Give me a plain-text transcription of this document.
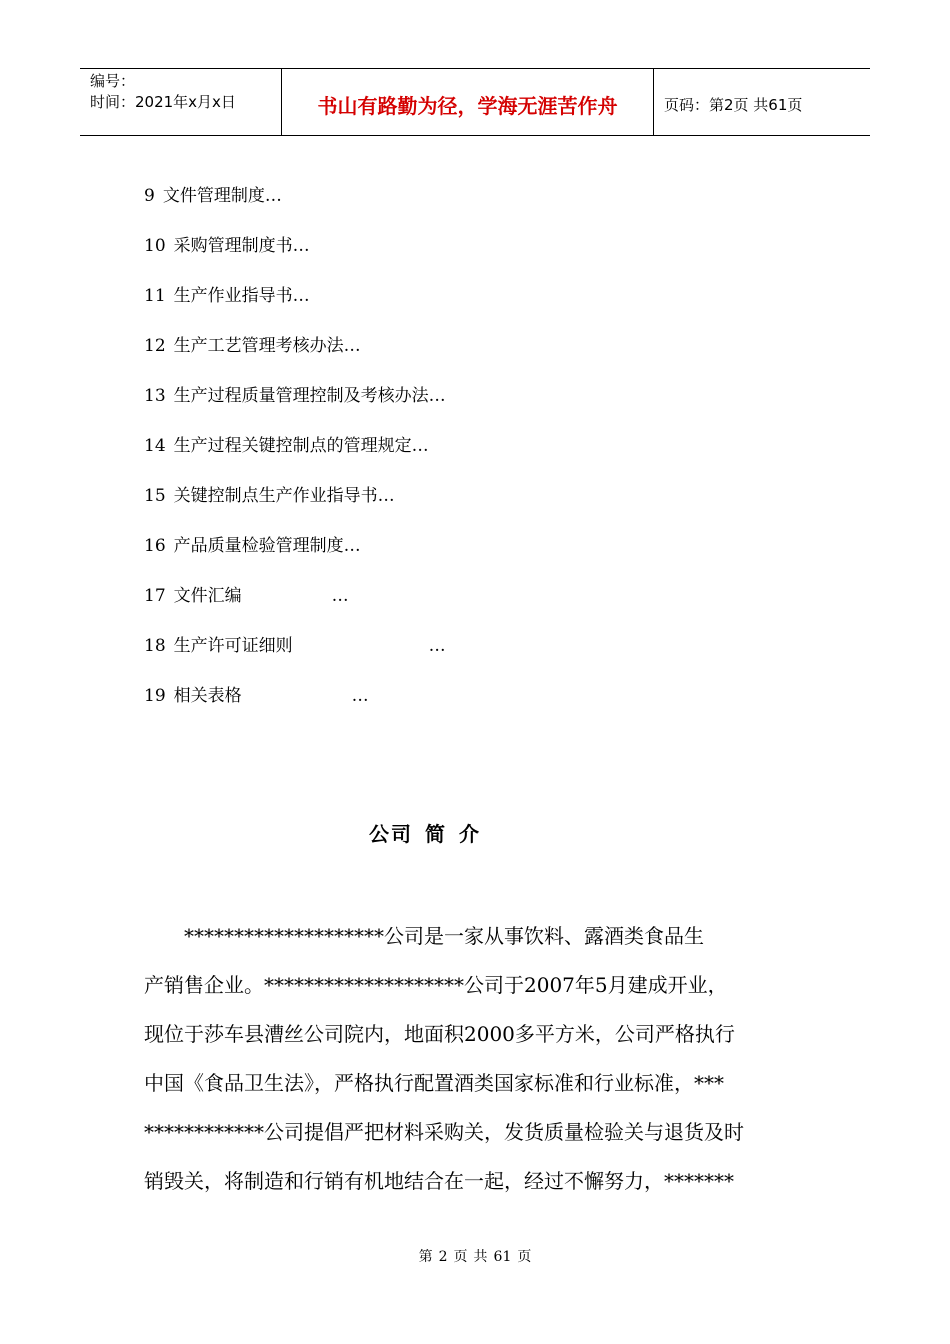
编号：
时间：2021年x月x日	书山有路勤为径，学海无涯苦作舟	页码：第2页 共61页
9 文件管理制度…
10 采购管理制度书…
11 生产作业指导书…
12 生产工艺管理考核办法…
13 生产过程质量管理控制及考核办法…
14 生产过程关键控制点的管理规定…
15 关键控制点生产作业指导书…
16 产品质量检验管理制度…
17 文件汇编	…
18 生产许可证细则	…
19 相关表格	…
公司 简 介
　　********************公司是一家从事饮料、露酒类食品生
产销售企业。********************公司于2007年5月建成开业，
现位于莎车县漕丝公司院内，地面积2000多平方米，公司严格执行
中国《食品卫生法》，严格执行配置酒类国家标准和行业标准，***
************公司提倡严把材料采购关，发货质量检验关与退货及时
销毁关，将制造和行销有机地结合在一起，经过不懈努力，*******
第 2 页 共 61 页
